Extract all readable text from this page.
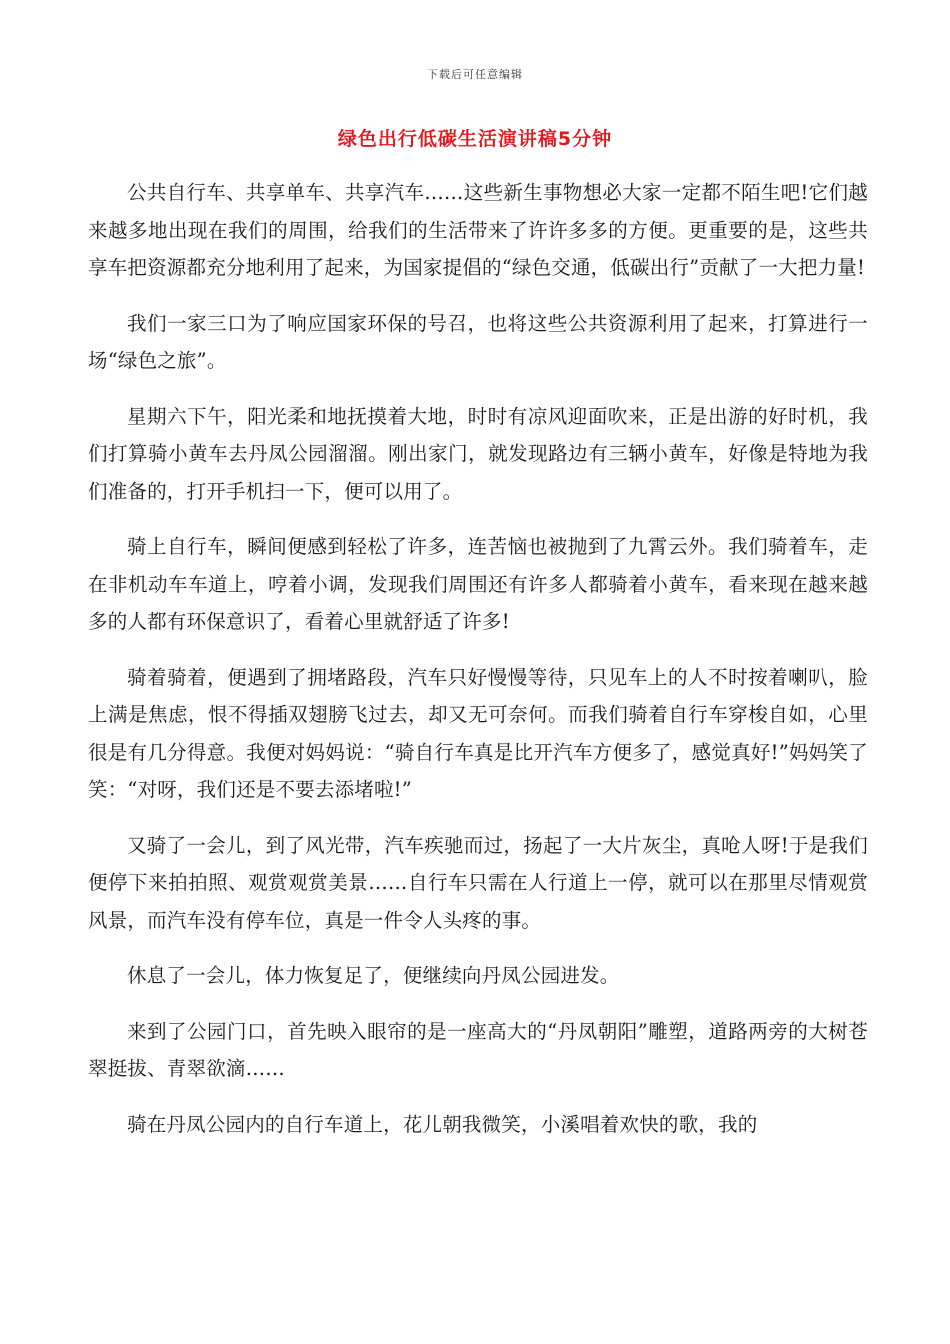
下载后可任意编辑
绿色出行低碳生活演讲稿5分钟

公共自行车、共享单车、共享汽车……这些新生事物想必大家一定都不陌生吧!它们越来越多地出现在我们的周围，给我们的生活带来了许许多多的方便。更重要的是，这些共享车把资源都充分地利用了起来，为国家提倡的“绿色交通，低碳出行”贡献了一大把力量!

我们一家三口为了响应国家环保的号召，也将这些公共资源利用了起来，打算进行一场“绿色之旅”。

星期六下午，阳光柔和地抚摸着大地，时时有凉风迎面吹来，正是出游的好时机，我们打算骑小黄车去丹凤公园溜溜。刚出家门，就发现路边有三辆小黄车，好像是特地为我们准备的，打开手机扫一下，便可以用了。

骑上自行车，瞬间便感到轻松了许多，连苦恼也被抛到了九霄云外。我们骑着车，走在非机动车车道上，哼着小调，发现我们周围还有许多人都骑着小黄车，看来现在越来越多的人都有环保意识了，看着心里就舒适了许多!

骑着骑着，便遇到了拥堵路段，汽车只好慢慢等待，只见车上的人不时按着喇叭，脸上满是焦虑，恨不得插双翅膀飞过去，却又无可奈何。而我们骑着自行车穿梭自如，心里很是有几分得意。我便对妈妈说：“骑自行车真是比开汽车方便多了，感觉真好!”妈妈笑了笑：“对呀，我们还是不要去添堵啦!”

又骑了一会儿，到了风光带，汽车疾驰而过，扬起了一大片灰尘，真呛人呀!于是我们便停下来拍拍照、观赏观赏美景……自行车只需在人行道上一停，就可以在那里尽情观赏风景，而汽车没有停车位，真是一件令人头疼的事。

休息了一会儿，体力恢复足了，便继续向丹凤公园进发。

来到了公园门口，首先映入眼帘的是一座高大的“丹凤朝阳”雕塑，道路两旁的大树苍翠挺拔、青翠欲滴……

骑在丹凤公园内的自行车道上，花儿朝我微笑，小溪唱着欢快的歌，我的
